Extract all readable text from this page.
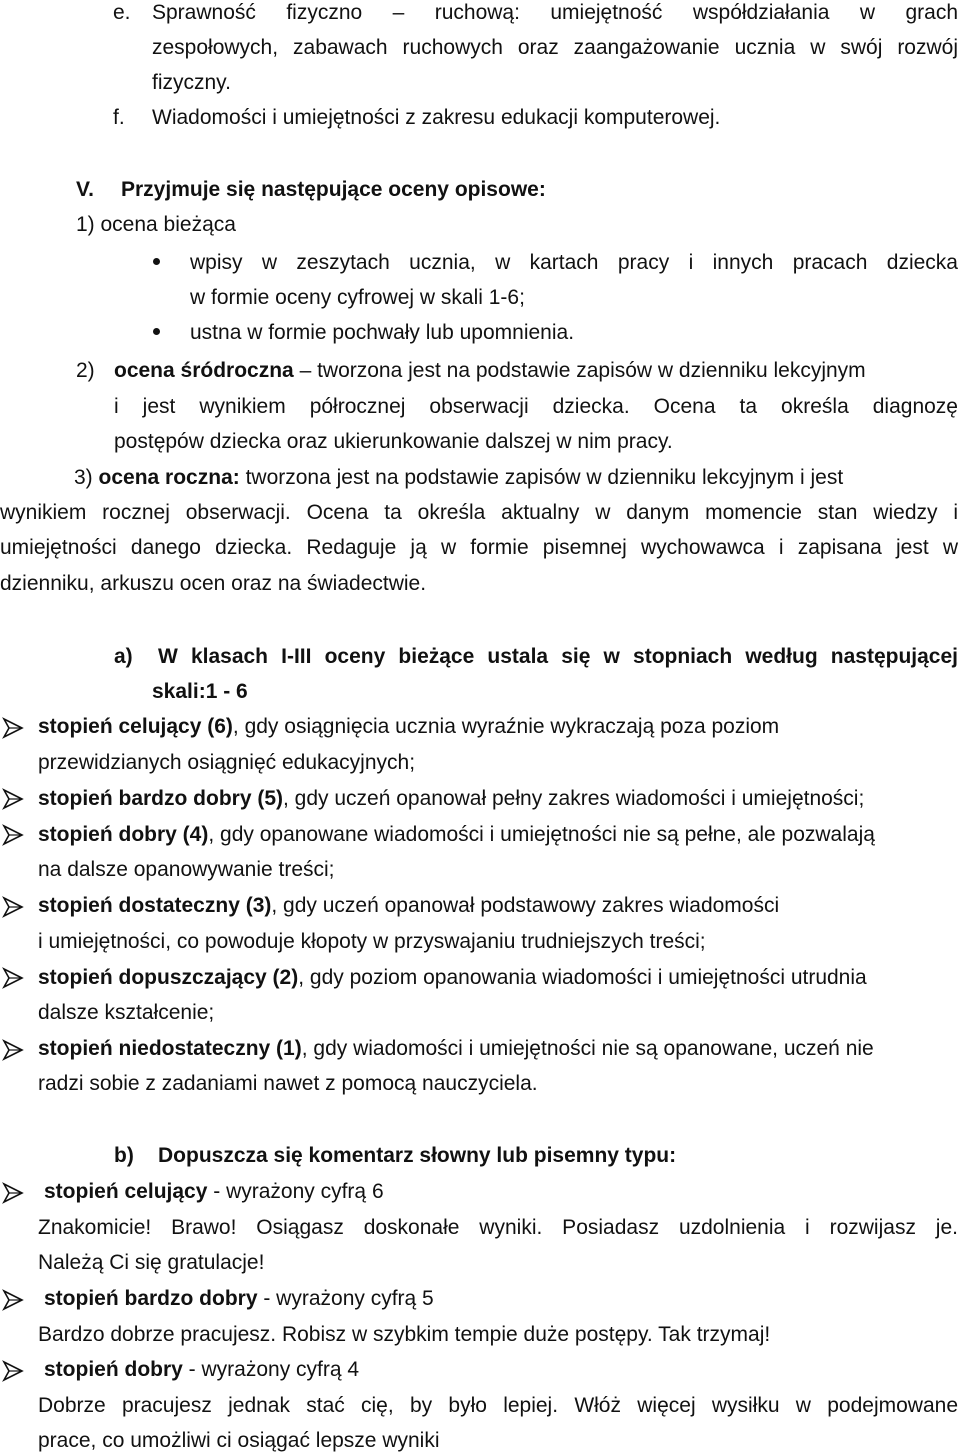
e. Sprawność fizyczno – ruchową: umiejętność współdziałania w grach
zespołowych, zabawach ruchowych oraz zaangażowanie ucznia w swój rozwój
fizyczny.
f. Wiadomości i umiejętności z zakresu edukacji komputerowej.
V. Przyjmuje się następujące oceny opisowe:
1) ocena bieżąca
wpisy w zeszytach ucznia, w kartach pracy i innych pracach dziecka
w formie oceny cyfrowej w skali 1-6;
ustna w formie pochwały lub upomnienia.
2) ocena śródroczna – tworzona jest na podstawie zapisów w dzienniku lekcyjnym
i jest wynikiem półrocznej obserwacji dziecka. Ocena ta określa diagnozę
postępów dziecka oraz ukierunkowanie dalszej w nim pracy.
3) ocena roczna: tworzona jest na podstawie zapisów w dzienniku lekcyjnym i jest
wynikiem rocznej obserwacji. Ocena ta określa aktualny w danym momencie stan wiedzy i
umiejętności danego dziecka. Redaguje ją w formie pisemnej wychowawca i zapisana jest w
dzienniku, arkuszu ocen oraz na świadectwie.
a) W klasach I-III oceny bieżące ustala się w stopniach według następującej
skali:1 - 6
stopień celujący (6), gdy osiągnięcia ucznia wyraźnie wykraczają poza poziom
przewidzianych osiągnięć edukacyjnych;
stopień bardzo dobry (5), gdy uczeń opanował pełny zakres wiadomości i umiejętności;
stopień dobry (4), gdy opanowane wiadomości i umiejętności nie są pełne, ale pozwalają
na dalsze opanowywanie treści;
stopień dostateczny (3), gdy uczeń opanował podstawowy zakres wiadomości
i umiejętności, co powoduje kłopoty w przyswajaniu trudniejszych treści;
stopień dopuszczający (2), gdy poziom opanowania wiadomości i umiejętności utrudnia
dalsze kształcenie;
stopień niedostateczny (1), gdy wiadomości i umiejętności nie są opanowane, uczeń nie
radzi sobie z zadaniami nawet z pomocą nauczyciela.
b) Dopuszcza się komentarz słowny lub pisemny typu:
stopień celujący - wyrażony cyfrą 6
Znakomicie! Brawo! Osiągasz doskonałe wyniki. Posiadasz uzdolnienia i rozwijasz je.
Należą Ci się gratulacje!
stopień bardzo dobry - wyrażony cyfrą 5
Bardzo dobrze pracujesz. Robisz w szybkim tempie duże postępy. Tak trzymaj!
stopień dobry - wyrażony cyfrą 4
Dobrze pracujesz jednak stać cię, by było lepiej. Włóż więcej wysiłku w podejmowane
prace, co umożliwi ci osiągać lepsze wyniki
